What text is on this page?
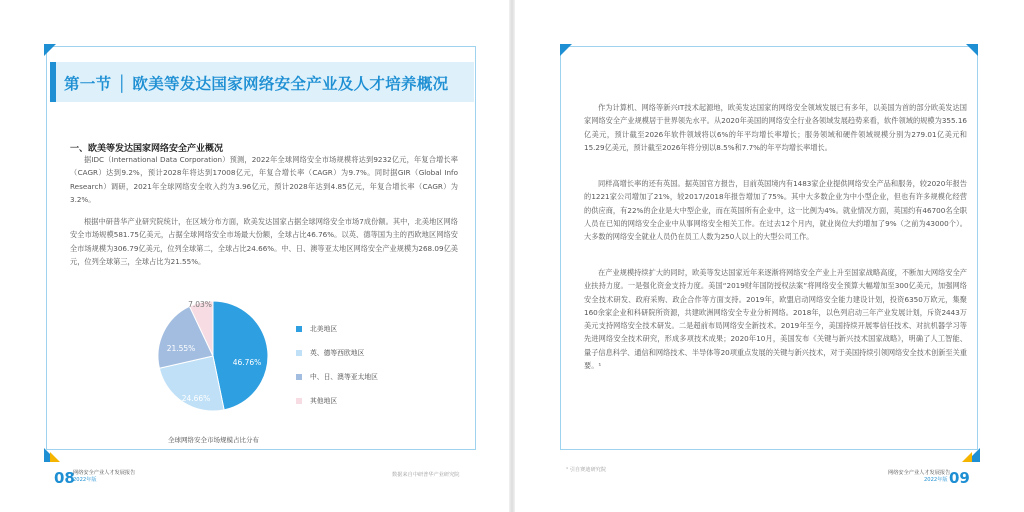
第一节 │ 欧美等发达国家网络安全产业及人才培养概况
一、欧美等发达国家网络安全产业概况

据IDC（International Data Corporation）预测，2022年全球网络安全市场规模将达到9232亿元，年复合增长率（CAGR）达到9.2%，预计2028年将达到17008亿元，年复合增长率（CAGR）为9.7%。同时据GIR（Global Info Research）调研，2021年全球网络安全收入约为3.96亿元，预计2028年达到4.85亿元，年复合增长率（CAGR）为3.2%。

根据中研普华产业研究院统计，在区域分布方面，欧美发达国家占据全球网络安全市场7成份额。其中，北美地区网络安全市场规模581.75亿美元，占据全球网络安全市场最大份额，全球占比46.76%。以英、德等国为主的西欧地区网络安全市场规模为306.79亿美元，位列全球第二，全球占比24.66%。中、日、澳等亚太地区网络安全产业规模为268.09亿美元，位列全球第三，全球占比为21.55%。

46.76%
24.66%
21.55%
7.03%
北美地区
英、德等西欧地区
中、日、澳等亚太地区
其他地区
全球网络安全市场规模占比分布

作为计算机、网络等新兴IT技术起源地，欧美发达国家的网络安全领域发展已有多年，以美国为首的部分欧美发达国家网络安全产业规模居于世界领先水平。从2020年美国的网络安全行业各领域发展趋势来看，软件领域的规模为355.16亿美元，预计截至2026年软件领域将以6%的年平均增长率增长；服务领域和硬件领域规模分别为279.01亿美元和15.29亿美元，预计截至2026年将分别以8.5%和7.7%的年平均增长率增长。

同样高增长率的还有英国。据英国官方报告，目前英国境内有1483家企业提供网络安全产品和服务，较2020年报告的1221家公司增加了21%，较2017/2018年报告增加了75%。其中大多数企业为中小型企业，但也有许多规模化经营的供应商，有22%的企业是大中型企业，而在英国所有企业中，这一比例为4%。就业情况方面，英国约有46700名全职人员在已知的网络安全企业中从事网络安全相关工作。在过去12个月内，就业岗位大约增加了9%（之前为43000个）。大多数的网络安全就业人员仍在员工人数为250人以上的大型公司工作。

在产业规模持续扩大的同时，欧美等发达国家近年来逐渐将网络安全产业上升至国家战略高度，不断加大网络安全产业扶持力度。一是强化资金支持力度。美国“2019财年国防授权法案”将网络安全预算大幅增加至300亿美元，加强网络安全技术研发、政府采购、政企合作等方面支持。2019年，欧盟启动网络安全能力建设计划，投资6350万欧元，集聚160余家企业和科研院所资源，共建欧洲网络安全专业分析网络。2018年，以色列启动三年产业发展计划，斥资2443万美元支持网络安全技术研发。二是超前布局网络安全新技术。2019年至今，美国持续开展零信任技术、对抗机器学习等先进网络安全技术研究，形成多项技术成果；2020年10月，美国发布《关键与新兴技术国家战略》，明确了人工智能、量子信息科学、通信和网络技术、半导体等20项重点发展的关键与新兴技术，对于美国持续引领网络安全技术创新至关重要。¹

08
网络安全产业人才发展报告
2022年版
数据来自中研普华产业研究院
¹ 引自赛迪研究院	网络安全产业人才发展报告
2022年版 09
